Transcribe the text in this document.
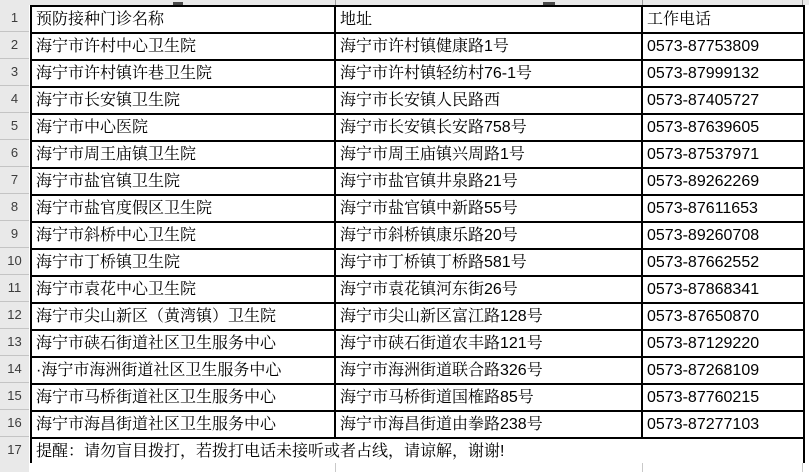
1
2
3
4
5
6
7
8
9
10
11
12
13
14
15
16
17
预防接种门诊名称	地址	工作电话
海宁市许村中心卫生院	海宁市许村镇健康路1号	0573-87753809
海宁市许村镇许巷卫生院	海宁市许村镇轻纺村76-1号	0573-87999132
海宁市长安镇卫生院	海宁市长安镇人民路西	0573-87405727
海宁市中心医院	海宁市长安镇长安路758号	0573-87639605
海宁市周王庙镇卫生院	海宁市周王庙镇兴周路1号	0573-87537971
海宁市盐官镇卫生院	海宁市盐官镇井泉路21号	0573-89262269
海宁市盐官度假区卫生院	海宁市盐官镇中新路55号	0573-87611653
海宁市斜桥中心卫生院	海宁市斜桥镇康乐路20号	0573-89260708
海宁市丁桥镇卫生院	海宁市丁桥镇丁桥路581号	0573-87662552
海宁市袁花中心卫生院	海宁市袁花镇河东街26号	0573-87868341
海宁市尖山新区（黄湾镇）卫生院	海宁市尖山新区富江路128号	0573-87650870
海宁市硖石街道社区卫生服务中心	海宁市硖石街道农丰路121号	0573-87129220
·海宁市海洲街道社区卫生服务中心	海宁市海洲街道联合路326号	0573-87268109
海宁市马桥街道社区卫生服务中心	海宁市马桥街道国榷路85号	0573-87760215
海宁市海昌街道社区卫生服务中心	海宁市海昌街道由拳路238号	0573-87277103
提醒：请勿盲目拨打，若拨打电话未接听或者占线，请谅解，谢谢!		
